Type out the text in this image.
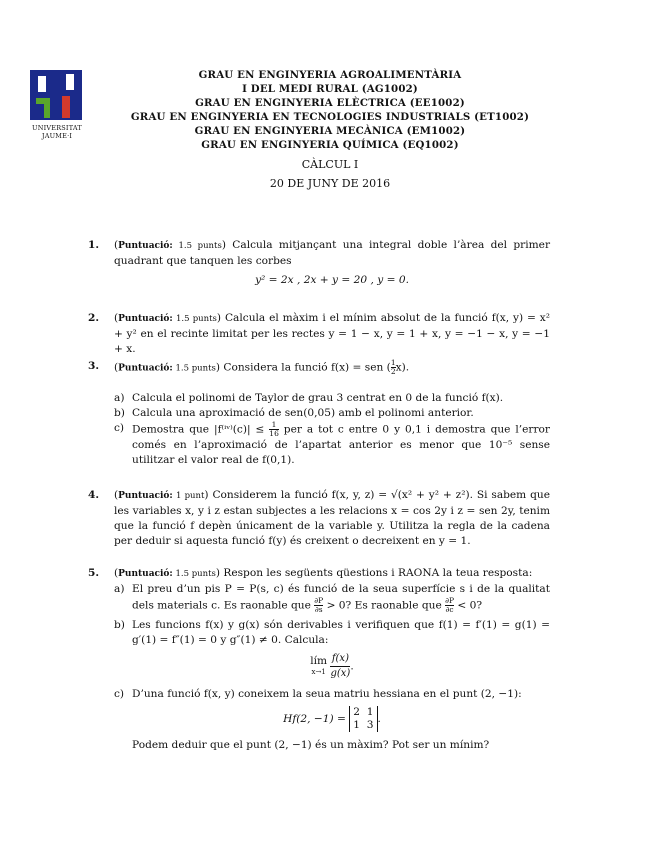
UNIVERSITAT
JAUME·I
GRAU EN ENGINYERIA AGROALIMENTÀRIA
I DEL MEDI RURAL (AG1002)
GRAU EN ENGINYERIA ELÈCTRICA (EE1002)
GRAU EN ENGINYERIA EN TECNOLOGIES INDUSTRIALS (ET1002)
GRAU EN ENGINYERIA MECÀNICA (EM1002)
GRAU EN ENGINYERIA QUÍMICA (EQ1002)
CÀLCUL I
20 DE JUNY DE 2016
1. (Puntuació: 1.5 punts) Calcula mitjançant una integral doble l’àrea del primer quadrant que tanquen les corbes
y² = 2x , 2x + y = 20 , y = 0.
2. (Puntuació: 1.5 punts) Calcula el màxim i el mínim absolut de la funció f(x, y) = x² + y² en el recinte limitat per les rectes y = 1 − x, y = 1 + x, y = −1 − x, y = −1 + x.
3. (Puntuació: 1.5 punts) Considera la funció f(x) = sen ( $\frac{1}{2} x$).
a) Calcula el polinomi de Taylor de grau 3 centrat en 0 de la funció f(x).
b) Calcula una aproximació de sen(0,05) amb el polinomi anterior.
c) Demostra que |f⁽ⁱᵛ⁾(c)| ≤ $\frac{1}{16}$ per a tot c entre 0 y 0,1 i demostra que l’error comés en l’aproximació de l’apartat anterior es menor que 10⁻⁵ sense utilitzar el valor real de f(0,1).
4. (Puntuació: 1 punt) Considerem la funció f(x, y, z) = √(x² + y² + z²). Si sabem que les variables x, y i z estan subjectes a les relacions x = cos 2y i z = sen 2y, tenim que la funció f depèn únicament de la variable y. Utilitza la regla de la cadena per deduir si aquesta funció f(y) és creixent o decreixent en y = 1.
5. (Puntuació: 1.5 punts) Respon les següents qüestions i RAONA la teua resposta:
a) El preu d’un pis P = P(s, c) és funció de la seua superfície s i de la qualitat dels materials c. Es raonable que $\frac{\partial P}{\partial s} > 0$? Es raonable que $\frac{\partial P}{\partial c} < 0$?
b) Les funcions f(x) y g(x) són derivables i verifiquen que f(1) = f′(1) = g(1) = g′(1) = f″(1) = 0 y g″(1) ≠ 0. Calcula:
lím
$x\to 1 \frac{f(x)}{g(x)}$ .
c) D’una funció f(x, y) coneixem la seua matriu hessiana en el punt (2, −1):
Hf(2, −1) = 2 1
1 3 .
Podem deduir que el punt (2, −1) és un màxim? Pot ser un mínim?
